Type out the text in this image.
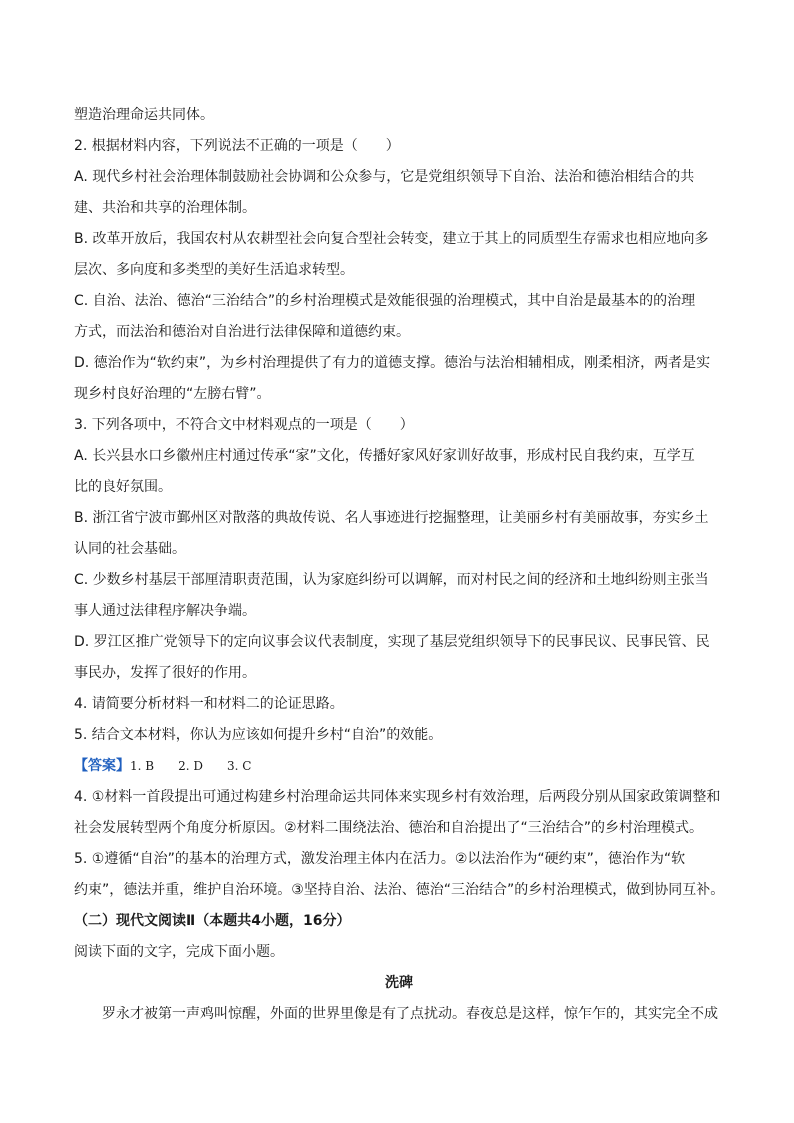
塑造治理命运共同体。
2. 根据材料内容，下列说法不正确的一项是（　　）
A. 现代乡村社会治理体制鼓励社会协调和公众参与，它是党组织领导下自治、法治和德治相结合的共
建、共治和共享的治理体制。
B. 改革开放后，我国农村从农耕型社会向复合型社会转变，建立于其上的同质型生存需求也相应地向多
层次、多向度和多类型的美好生活追求转型。
C. 自治、法治、德治“三治结合”的乡村治理模式是效能很强的治理模式，其中自治是最基本的的治理
方式，而法治和德治对自治进行法律保障和道德约束。
D. 德治作为“软约束”，为乡村治理提供了有力的道德支撑。德治与法治相辅相成，刚柔相济，两者是实
现乡村良好治理的“左膀右臂”。
3. 下列各项中，不符合文中材料观点的一项是（　　）
A. 长兴县水口乡徽州庄村通过传承“家”文化，传播好家风好家训好故事，形成村民自我约束，互学互
比的良好氛围。
B. 浙江省宁波市鄞州区对散落的典故传说、名人事迹进行挖掘整理，让美丽乡村有美丽故事，夯实乡土
认同的社会基础。
C. 少数乡村基层干部厘清职责范围，认为家庭纠纷可以调解，而对村民之间的经济和土地纠纷则主张当
事人通过法律程序解决争端。
D. 罗江区推广党领导下的定向议事会议代表制度，实现了基层党组织领导下的民事民议、民事民管、民
事民办，发挥了很好的作用。
4. 请简要分析材料一和材料二的论证思路。
5. 结合文本材料，你认为应该如何提升乡村“自治”的效能。
【答案】1. B　　2. D　　3. C
4. ①材料一首段提出可通过构建乡村治理命运共同体来实现乡村有效治理，后两段分别从国家政策调整和
社会发展转型两个角度分析原因。②材料二围绕法治、德治和自治提出了“三治结合”的乡村治理模式。
5. ①遵循“自治”的基本的治理方式，激发治理主体内在活力。②以法治作为“硬约束”，德治作为“软
约束”，德法并重，维护自治环境。③坚持自治、法治、德治“三治结合”的乡村治理模式，做到协同互补。
（二）现代文阅读Ⅱ（本题共4小题，16分）
阅读下面的文字，完成下面小题。
洗碑
罗永才被第一声鸡叫惊醒，外面的世界里像是有了点扰动。春夜总是这样，惊乍乍的，其实完全不成
